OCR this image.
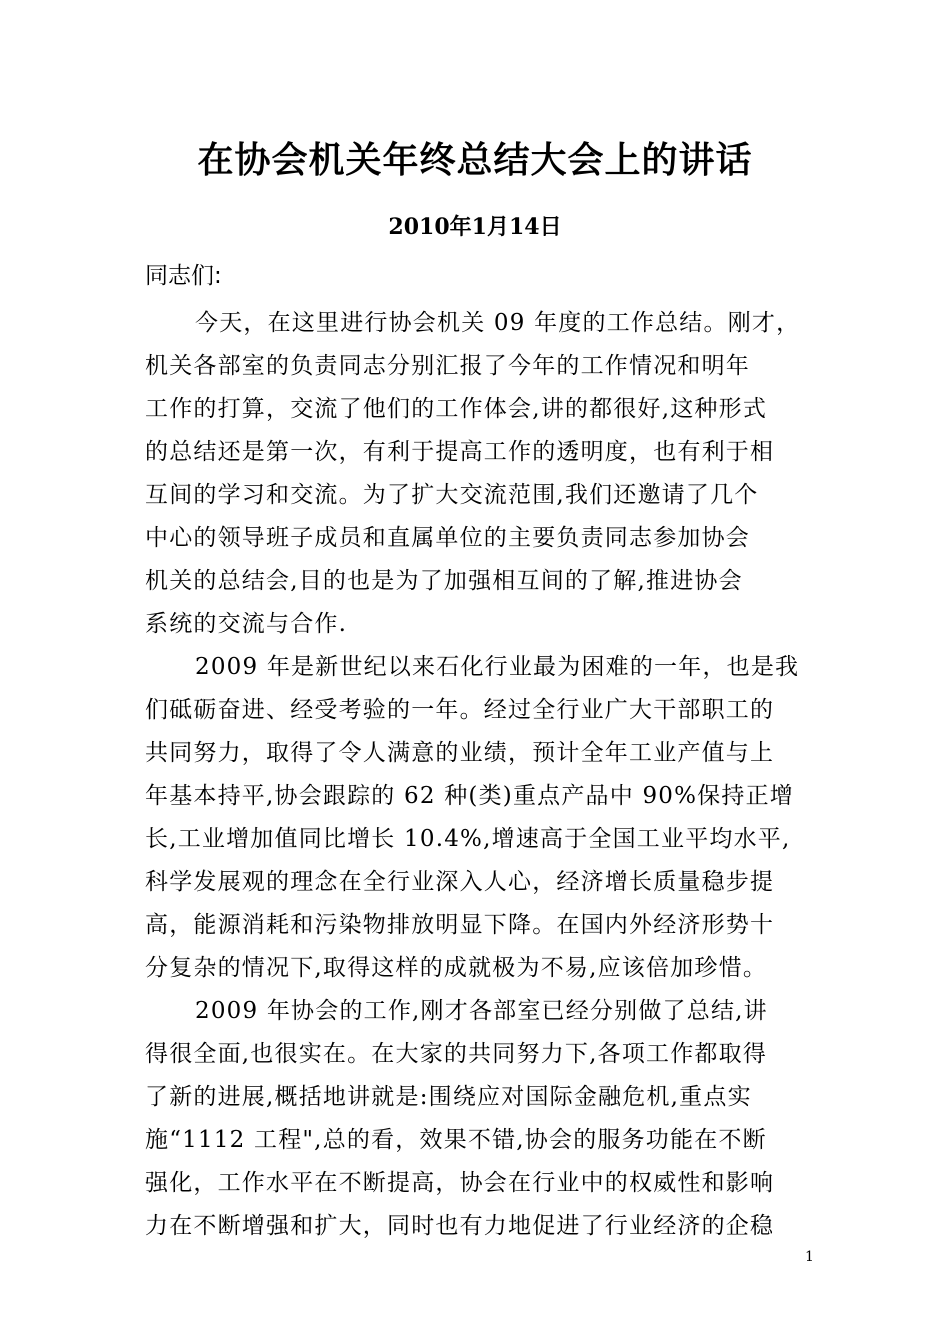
在协会机关年终总结大会上的讲话
2010年1月14日
同志们:

今天，在这里进行协会机关 09 年度的工作总结。刚才，
机关各部室的负责同志分别汇报了今年的工作情况和明年
工作的打算，交流了他们的工作体会,讲的都很好,这种形式
的总结还是第一次，有利于提高工作的透明度，也有利于相
互间的学习和交流。为了扩大交流范围,我们还邀请了几个
中心的领导班子成员和直属单位的主要负责同志参加协会
机关的总结会,目的也是为了加强相互间的了解,推进协会
系统的交流与合作.

2009 年是新世纪以来石化行业最为困难的一年，也是我
们砥砺奋进、经受考验的一年。经过全行业广大干部职工的
共同努力，取得了令人满意的业绩，预计全年工业产值与上
年基本持平,协会跟踪的 62 种(类)重点产品中 90%保持正增
长,工业增加值同比增长 10.4%,增速高于全国工业平均水平,
科学发展观的理念在全行业深入人心，经济增长质量稳步提
高，能源消耗和污染物排放明显下降。在国内外经济形势十
分复杂的情况下,取得这样的成就极为不易,应该倍加珍惜。

2009 年协会的工作,刚才各部室已经分别做了总结,讲
得很全面,也很实在。在大家的共同努力下,各项工作都取得
了新的进展,概括地讲就是:围绕应对国际金融危机,重点实
施“1112 工程",总的看，效果不错,协会的服务功能在不断
强化，工作水平在不断提高，协会在行业中的权威性和影响
力在不断增强和扩大，同时也有力地促进了行业经济的企稳

1
